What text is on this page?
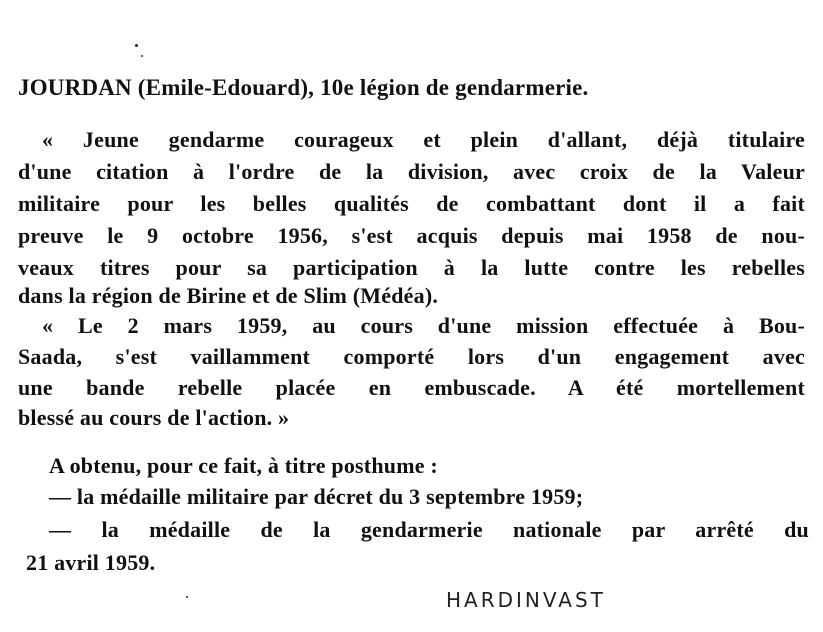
JOURDAN (Emile-Edouard), 10e légion de gendarmerie.
« Jeune gendarme courageux et plein d'allant, déjà titulaire
d'une citation à l'ordre de la division, avec croix de la Valeur
militaire pour les belles qualités de combattant dont il a fait
preuve le 9 octobre 1956, s'est acquis depuis mai 1958 de nou-
veaux titres pour sa participation à la lutte contre les rebelles
dans la région de Birine et de Slim (Médéa).
« Le 2 mars 1959, au cours d'une mission effectuée à Bou-
Saada, s'est vaillamment comporté lors d'un engagement avec
une bande rebelle placée en embuscade. A été mortellement
blessé au cours de l'action. »
A obtenu, pour ce fait, à titre posthume :
— la médaille militaire par décret du 3 septembre 1959;
— la médaille de la gendarmerie nationale par arrêté du
21 avril 1959.
HARDINVAST
